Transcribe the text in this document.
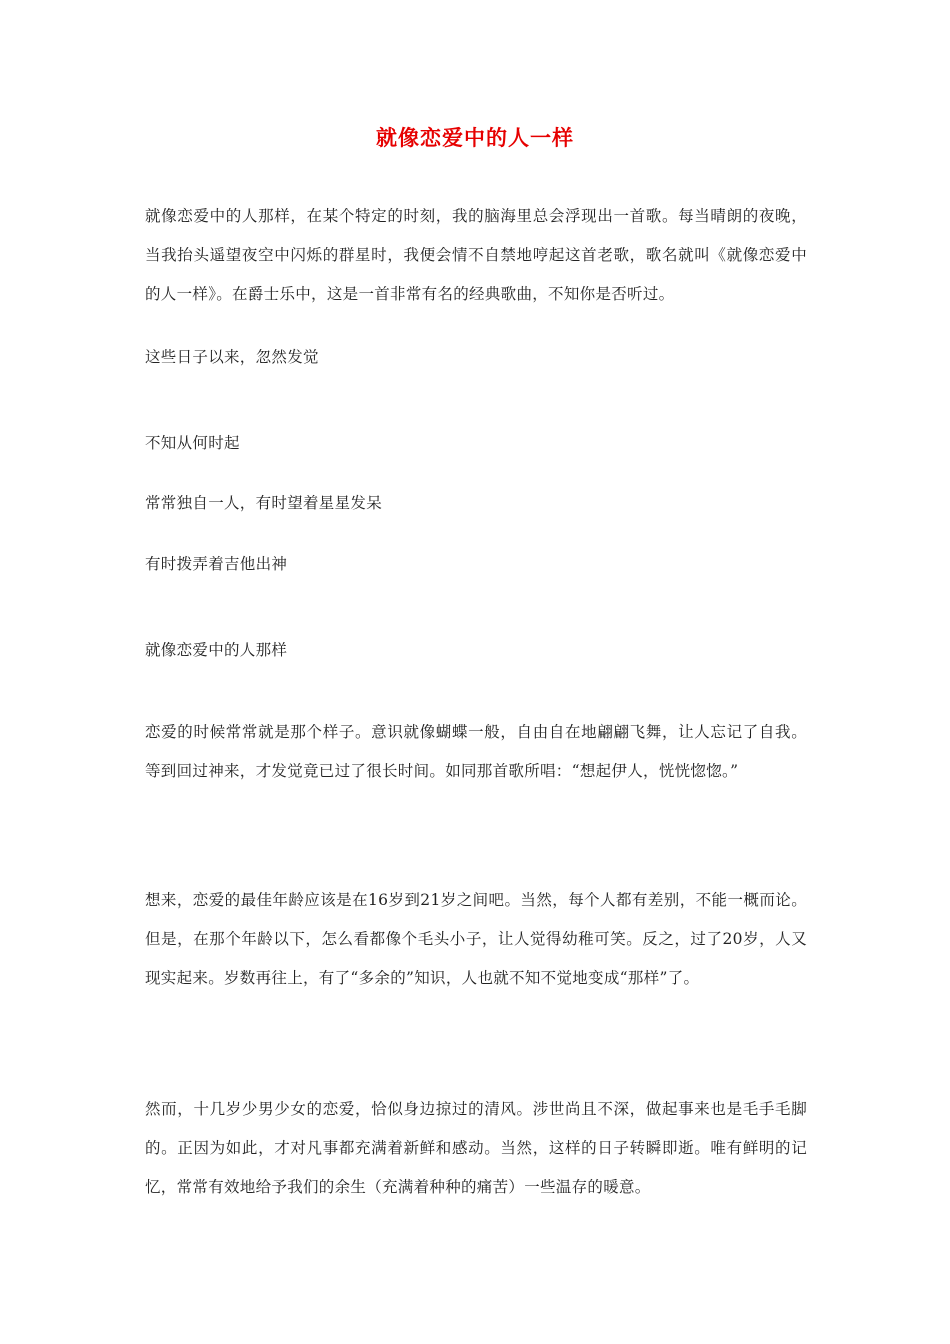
就像恋爱中的人一样
就像恋爱中的人那样，在某个特定的时刻，我的脑海里总会浮现出一首歌。每当晴朗的夜晚，当我抬头遥望夜空中闪烁的群星时，我便会情不自禁地哼起这首老歌，歌名就叫《就像恋爱中的人一样》。在爵士乐中，这是一首非常有名的经典歌曲，不知你是否听过。
这些日子以来，忽然发觉
不知从何时起
常常独自一人，有时望着星星发呆
有时拨弄着吉他出神
就像恋爱中的人那样
恋爱的时候常常就是那个样子。意识就像蝴蝶一般，自由自在地翩翩飞舞，让人忘记了自我。等到回过神来，才发觉竟已过了很长时间。如同那首歌所唱：“想起伊人，恍恍惚惚。”
想来，恋爱的最佳年龄应该是在16岁到21岁之间吧。当然，每个人都有差别，不能一概而论。但是，在那个年龄以下，怎么看都像个毛头小子，让人觉得幼稚可笑。反之，过了20岁，人又现实起来。岁数再往上，有了“多余的”知识，人也就不知不觉地变成“那样”了。
然而，十几岁少男少女的恋爱，恰似身边掠过的清风。涉世尚且不深，做起事来也是毛手毛脚的。正因为如此，才对凡事都充满着新鲜和感动。当然，这样的日子转瞬即逝。唯有鲜明的记忆，常常有效地给予我们的余生（充满着种种的痛苦）一些温存的暖意。
